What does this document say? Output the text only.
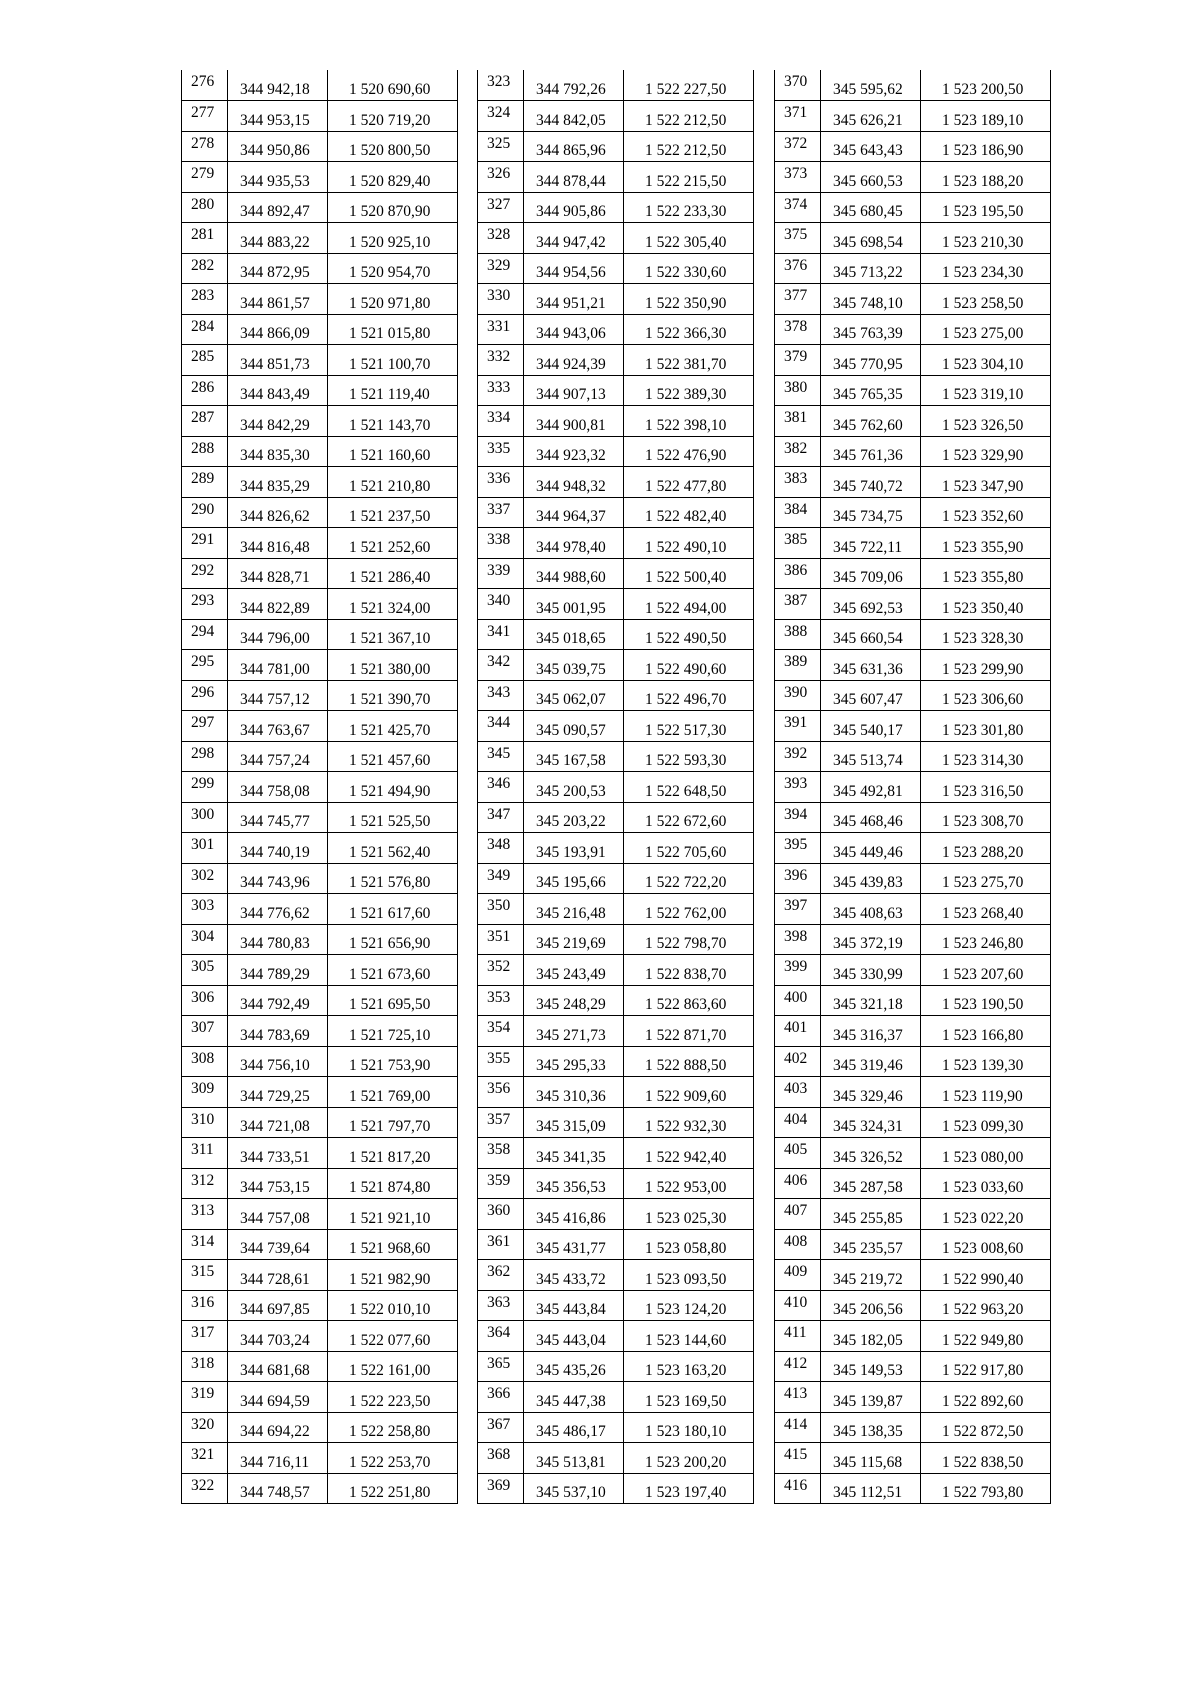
276	344 942,18	1 520 690,60

277	344 953,15	1 520 719,20

278	344 950,86	1 520 800,50

279	344 935,53	1 520 829,40

280	344 892,47	1 520 870,90

281	344 883,22	1 520 925,10

282	344 872,95	1 520 954,70

283	344 861,57	1 520 971,80

284	344 866,09	1 521 015,80

285	344 851,73	1 521 100,70

286	344 843,49	1 521 119,40

287	344 842,29	1 521 143,70

288	344 835,30	1 521 160,60

289	344 835,29	1 521 210,80

290	344 826,62	1 521 237,50

291	344 816,48	1 521 252,60

292	344 828,71	1 521 286,40

293	344 822,89	1 521 324,00

294	344 796,00	1 521 367,10

295	344 781,00	1 521 380,00

296	344 757,12	1 521 390,70

297	344 763,67	1 521 425,70

298	344 757,24	1 521 457,60

299	344 758,08	1 521 494,90

300	344 745,77	1 521 525,50

301	344 740,19	1 521 562,40

302	344 743,96	1 521 576,80

303	344 776,62	1 521 617,60

304	344 780,83	1 521 656,90

305	344 789,29	1 521 673,60

306	344 792,49	1 521 695,50

307	344 783,69	1 521 725,10

308	344 756,10	1 521 753,90

309	344 729,25	1 521 769,00

310	344 721,08	1 521 797,70

311	344 733,51	1 521 817,20

312	344 753,15	1 521 874,80

313	344 757,08	1 521 921,10

314	344 739,64	1 521 968,60

315	344 728,61	1 521 982,90

316	344 697,85	1 522 010,10

317	344 703,24	1 522 077,60

318	344 681,68	1 522 161,00

319	344 694,59	1 522 223,50

320	344 694,22	1 522 258,80

321	344 716,11	1 522 253,70

322	344 748,57	1 522 251,80
323	344 792,26	1 522 227,50

324	344 842,05	1 522 212,50

325	344 865,96	1 522 212,50

326	344 878,44	1 522 215,50

327	344 905,86	1 522 233,30

328	344 947,42	1 522 305,40

329	344 954,56	1 522 330,60

330	344 951,21	1 522 350,90

331	344 943,06	1 522 366,30

332	344 924,39	1 522 381,70

333	344 907,13	1 522 389,30

334	344 900,81	1 522 398,10

335	344 923,32	1 522 476,90

336	344 948,32	1 522 477,80

337	344 964,37	1 522 482,40

338	344 978,40	1 522 490,10

339	344 988,60	1 522 500,40

340	345 001,95	1 522 494,00

341	345 018,65	1 522 490,50

342	345 039,75	1 522 490,60

343	345 062,07	1 522 496,70

344	345 090,57	1 522 517,30

345	345 167,58	1 522 593,30

346	345 200,53	1 522 648,50

347	345 203,22	1 522 672,60

348	345 193,91	1 522 705,60

349	345 195,66	1 522 722,20

350	345 216,48	1 522 762,00

351	345 219,69	1 522 798,70

352	345 243,49	1 522 838,70

353	345 248,29	1 522 863,60

354	345 271,73	1 522 871,70

355	345 295,33	1 522 888,50

356	345 310,36	1 522 909,60

357	345 315,09	1 522 932,30

358	345 341,35	1 522 942,40

359	345 356,53	1 522 953,00

360	345 416,86	1 523 025,30

361	345 431,77	1 523 058,80

362	345 433,72	1 523 093,50

363	345 443,84	1 523 124,20

364	345 443,04	1 523 144,60

365	345 435,26	1 523 163,20

366	345 447,38	1 523 169,50

367	345 486,17	1 523 180,10

368	345 513,81	1 523 200,20

369	345 537,10	1 523 197,40
370	345 595,62	1 523 200,50

371	345 626,21	1 523 189,10

372	345 643,43	1 523 186,90

373	345 660,53	1 523 188,20

374	345 680,45	1 523 195,50

375	345 698,54	1 523 210,30

376	345 713,22	1 523 234,30

377	345 748,10	1 523 258,50

378	345 763,39	1 523 275,00

379	345 770,95	1 523 304,10

380	345 765,35	1 523 319,10

381	345 762,60	1 523 326,50

382	345 761,36	1 523 329,90

383	345 740,72	1 523 347,90

384	345 734,75	1 523 352,60

385	345 722,11	1 523 355,90

386	345 709,06	1 523 355,80

387	345 692,53	1 523 350,40

388	345 660,54	1 523 328,30

389	345 631,36	1 523 299,90

390	345 607,47	1 523 306,60

391	345 540,17	1 523 301,80

392	345 513,74	1 523 314,30

393	345 492,81	1 523 316,50

394	345 468,46	1 523 308,70

395	345 449,46	1 523 288,20

396	345 439,83	1 523 275,70

397	345 408,63	1 523 268,40

398	345 372,19	1 523 246,80

399	345 330,99	1 523 207,60

400	345 321,18	1 523 190,50

401	345 316,37	1 523 166,80

402	345 319,46	1 523 139,30

403	345 329,46	1 523 119,90

404	345 324,31	1 523 099,30

405	345 326,52	1 523 080,00

406	345 287,58	1 523 033,60

407	345 255,85	1 523 022,20

408	345 235,57	1 523 008,60

409	345 219,72	1 522 990,40

410	345 206,56	1 522 963,20

411	345 182,05	1 522 949,80

412	345 149,53	1 522 917,80

413	345 139,87	1 522 892,60

414	345 138,35	1 522 872,50

415	345 115,68	1 522 838,50

416	345 112,51	1 522 793,80
